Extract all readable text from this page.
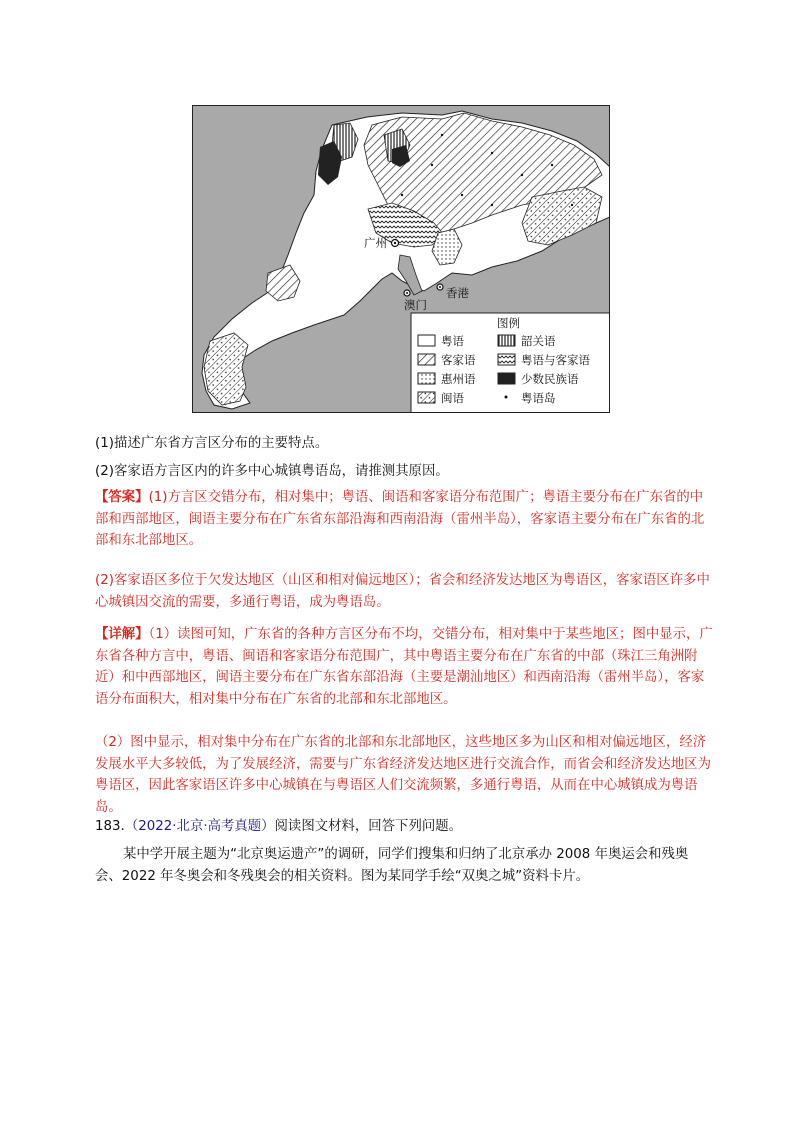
广州
澳门
香港
图例
粤语	韶关语
客家语	粤语与客家语
惠州语	少数民族语
闽语	粤语岛
(1)描述广东省方言区分布的主要特点。
(2)客家语方言区内的许多中心城镇粤语岛，请推测其原因。
【答案】(1)方言区交错分布，相对集中；粤语、闽语和客家语分布范围广；粤语主要分布在广东省的中部和西部地区，闽语主要分布在广东省东部沿海和西南沿海（雷州半岛），客家语主要分布在广东省的北部和东北部地区。
(2)客家语区多位于欠发达地区（山区和相对偏远地区）；省会和经济发达地区为粤语区，客家语区许多中心城镇因交流的需要，多通行粤语，成为粤语岛。
【详解】（1）读图可知，广东省的各种方言区分布不均，交错分布，相对集中于某些地区；图中显示，广东省各种方言中，粤语、闽语和客家语分布范围广，其中粤语主要分布在广东省的中部（珠江三角洲附近）和中西部地区，闽语主要分布在广东省东部沿海（主要是潮汕地区）和西南沿海（雷州半岛），客家语分布面积大，相对集中分布在广东省的北部和东北部地区。
（2）图中显示，相对集中分布在广东省的北部和东北部地区，这些地区多为山区和相对偏远地区，经济发展水平大多较低，为了发展经济，需要与广东省经济发达地区进行交流合作，而省会和经济发达地区为粤语区，因此客家语区许多中心城镇在与粤语区人们交流频繁，多通行粤语，从而在中心城镇成为粤语岛。
183.（2022·北京·高考真题）阅读图文材料，回答下列问题。
某中学开展主题为“北京奥运遗产”的调研，同学们搜集和归纳了北京承办 2008 年奥运会和残奥会、2022 年冬奥会和冬残奥会的相关资料。图为某同学手绘“双奥之城”资料卡片。
